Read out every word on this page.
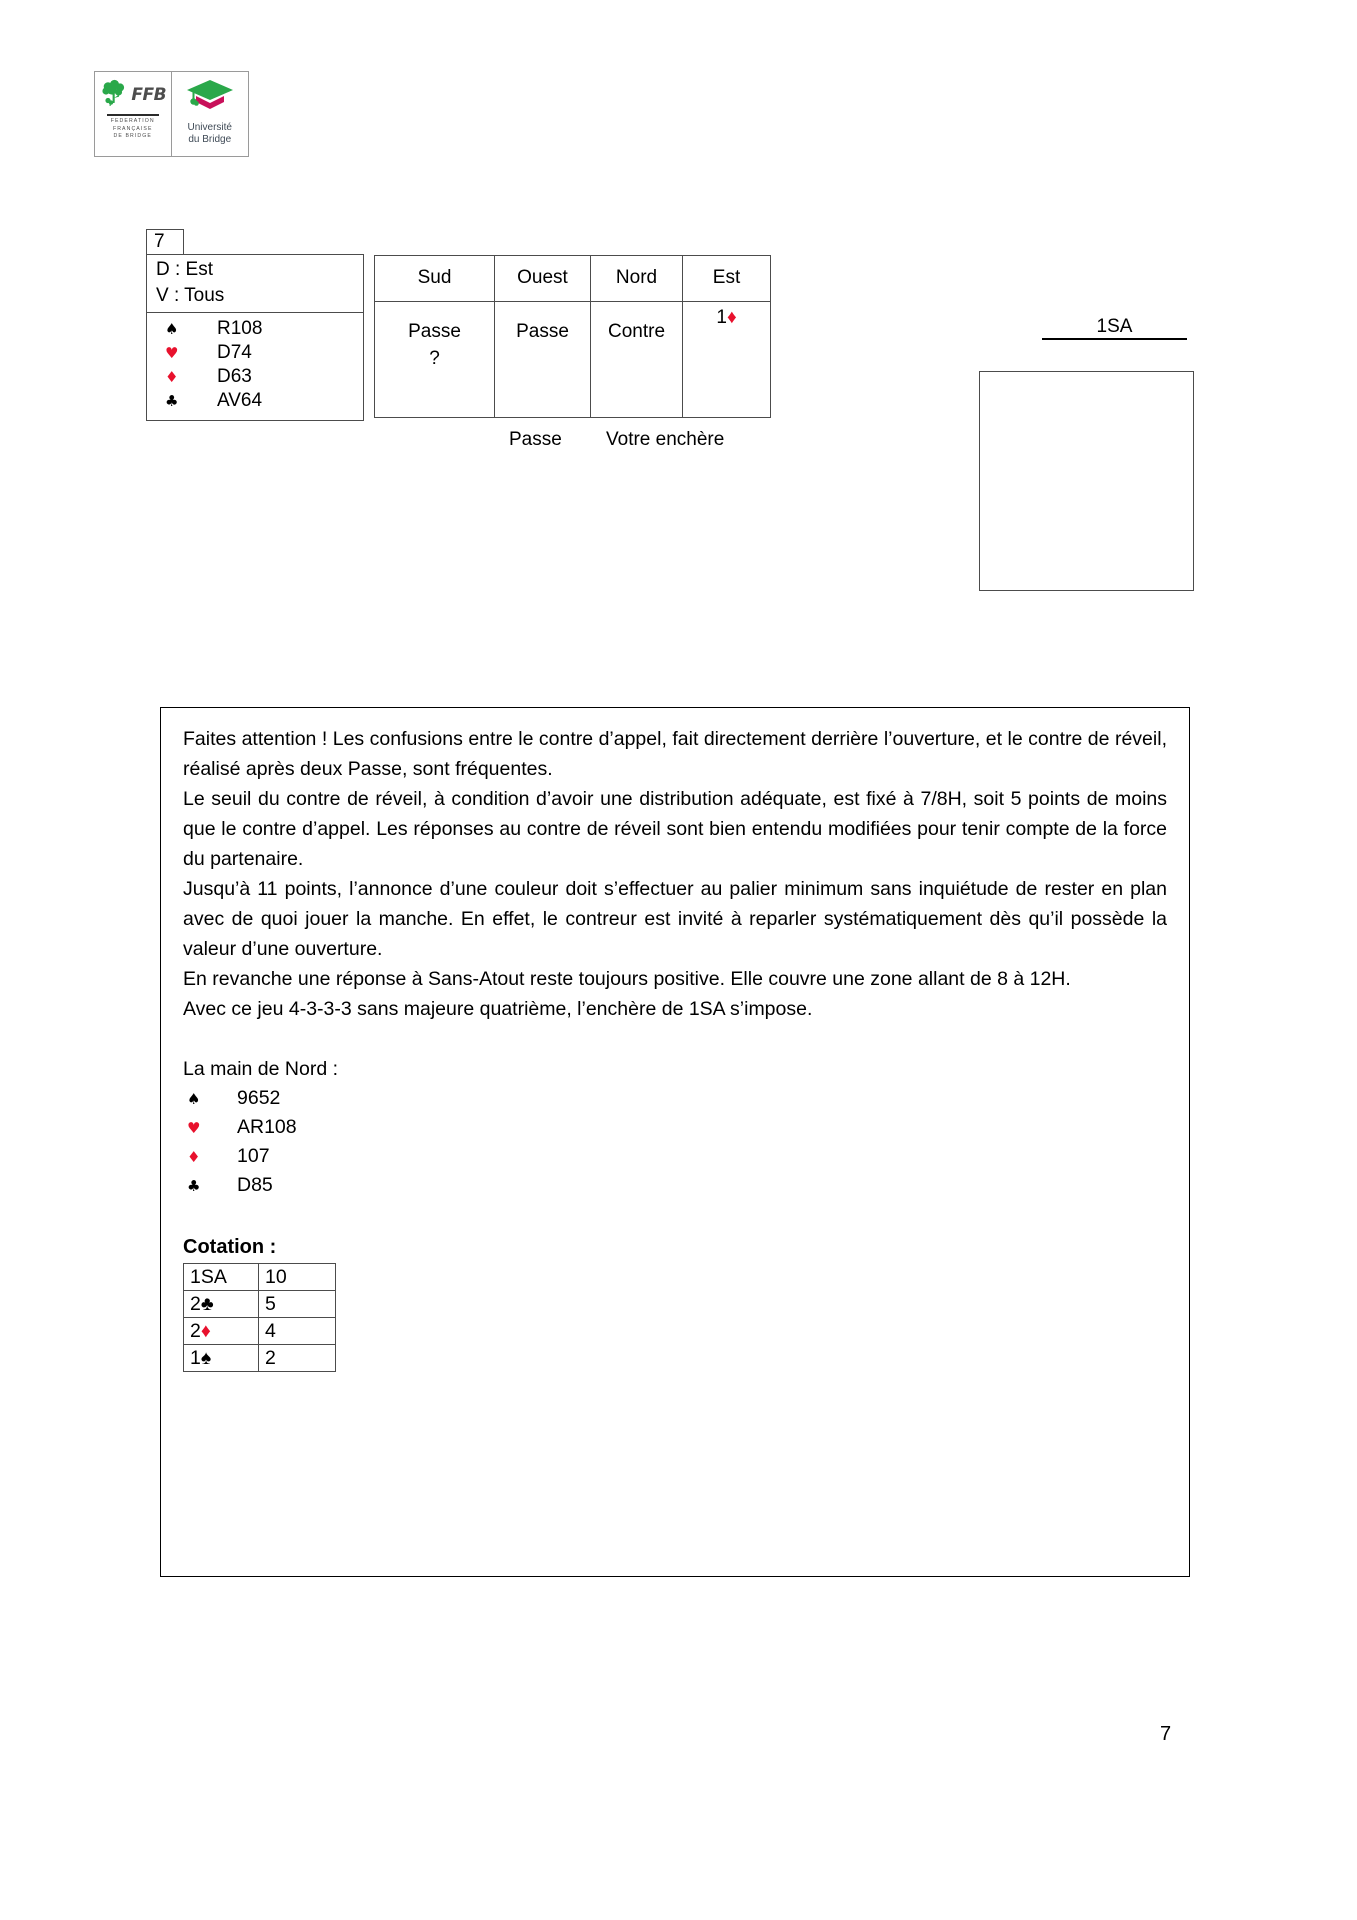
FFB
FEDERATION
FRANÇAISE
DE BRIDGE
Université
du Bridge
7
D : Est
V : Tous
♠	R108
♥	D74
♦	D63
♣	AV64
Sud	Ouest	Nord	Est

Passe
?	Passe	Contre	1♦
Votre enchère
Passe
1SA

Faites attention ! Les confusions entre le contre d’appel, fait directement derrière l’ouverture, et le contre de réveil, réalisé après deux Passe, sont fréquentes.

Le seuil du contre de réveil, à condition d’avoir une distribution adéquate, est fixé à 7/8H, soit 5 points de moins que le contre d’appel. Les réponses au contre de réveil sont bien entendu modifiées pour tenir compte de la force du partenaire.

Jusqu’à 11 points, l’annonce d’une couleur doit s’effectuer au palier minimum sans inquiétude de rester en plan avec de quoi jouer la manche. En effet, le contreur est invité à reparler systématiquement dès qu’il possède la valeur d’une ouverture.

En revanche une réponse à Sans-Atout reste toujours positive. Elle couvre une zone allant de 8 à 12H.

Avec ce jeu 4-3-3-3 sans majeure quatrième, l’enchère de 1SA s’impose.

La main de Nord :
♠	9652
♥	AR108
♦	107
♣	D85
Cotation :
1SA	10
2♣	5
2♦	4
1♠	2
7
